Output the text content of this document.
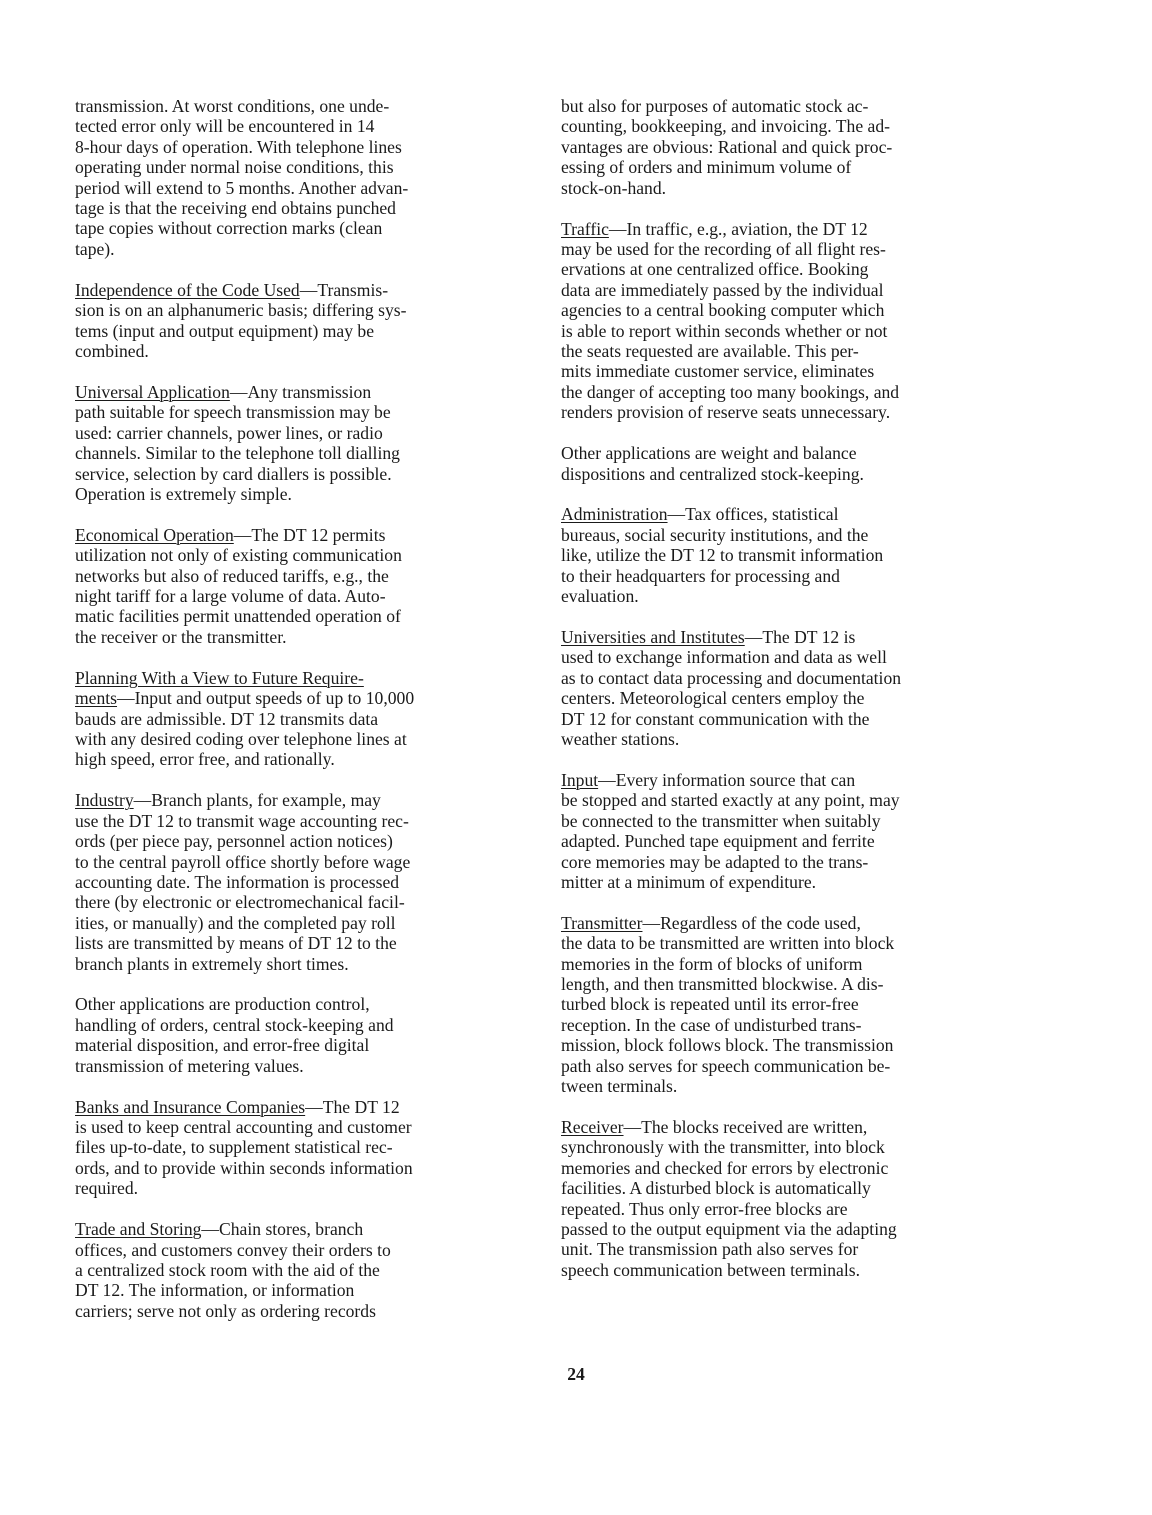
transmission. At worst conditions, one unde-
tected error only will be encountered in 14
8-hour days of operation. With telephone lines
operating under normal noise conditions, this
period will extend to 5 months. Another advan-
tage is that the receiving end obtains punched
tape copies without correction marks (clean
tape).

Independence of the Code Used—Transmis-
sion is on an alphanumeric basis; differing sys-
tems (input and output equipment) may be
combined.

Universal Application—Any transmission
path suitable for speech transmission may be
used: carrier channels, power lines, or radio
channels. Similar to the telephone toll dialling
service, selection by card diallers is possible.
Operation is extremely simple.

Economical Operation—The DT 12 permits
utilization not only of existing communication
networks but also of reduced tariffs, e.g., the
night tariff for a large volume of data. Auto-
matic facilities permit unattended operation of
the receiver or the transmitter.

Planning With a View to Future Require-
ments—Input and output speeds of up to 10,000
bauds are admissible. DT 12 transmits data
with any desired coding over telephone lines at
high speed, error free, and rationally.

Industry—Branch plants, for example, may
use the DT 12 to transmit wage accounting rec-
ords (per piece pay, personnel action notices)
to the central payroll office shortly before wage
accounting date. The information is processed
there (by electronic or electromechanical facil-
ities, or manually) and the completed pay roll
lists are transmitted by means of DT 12 to the
branch plants in extremely short times.

Other applications are production control,
handling of orders, central stock-keeping and
material disposition, and error-free digital
transmission of metering values.

Banks and Insurance Companies—The DT 12
is used to keep central accounting and customer
files up-to-date, to supplement statistical rec-
ords, and to provide within seconds information
required.

Trade and Storing—Chain stores, branch
offices, and customers convey their orders to
a centralized stock room with the aid of the
DT 12. The information, or information
carriers; serve not only as ordering records

but also for purposes of automatic stock ac-
counting, bookkeeping, and invoicing. The ad-
vantages are obvious: Rational and quick proc-
essing of orders and minimum volume of
stock-on-hand.

Traffic—In traffic, e.g., aviation, the DT 12
may be used for the recording of all flight res-
ervations at one centralized office. Booking
data are immediately passed by the individual
agencies to a central booking computer which
is able to report within seconds whether or not
the seats requested are available. This per-
mits immediate customer service, eliminates
the danger of accepting too many bookings, and
renders provision of reserve seats unnecessary.

Other applications are weight and balance
dispositions and centralized stock-keeping.

Administration—Tax offices, statistical
bureaus, social security institutions, and the
like, utilize the DT 12 to transmit information
to their headquarters for processing and
evaluation.

Universities and Institutes—The DT 12 is
used to exchange information and data as well
as to contact data processing and documentation
centers. Meteorological centers employ the
DT 12 for constant communication with the
weather stations.

Input—Every information source that can
be stopped and started exactly at any point, may
be connected to the transmitter when suitably
adapted. Punched tape equipment and ferrite
core memories may be adapted to the trans-
mitter at a minimum of expenditure.

Transmitter—Regardless of the code used,
the data to be transmitted are written into block
memories in the form of blocks of uniform
length, and then transmitted blockwise. A dis-
turbed block is repeated until its error-free
reception. In the case of undisturbed trans-
mission, block follows block. The transmission
path also serves for speech communication be-
tween terminals.

Receiver—The blocks received are written,
synchronously with the transmitter, into block
memories and checked for errors by electronic
facilities. A disturbed block is automatically
repeated. Thus only error-free blocks are
passed to the output equipment via the adapting
unit. The transmission path also serves for
speech communication between terminals.

24
